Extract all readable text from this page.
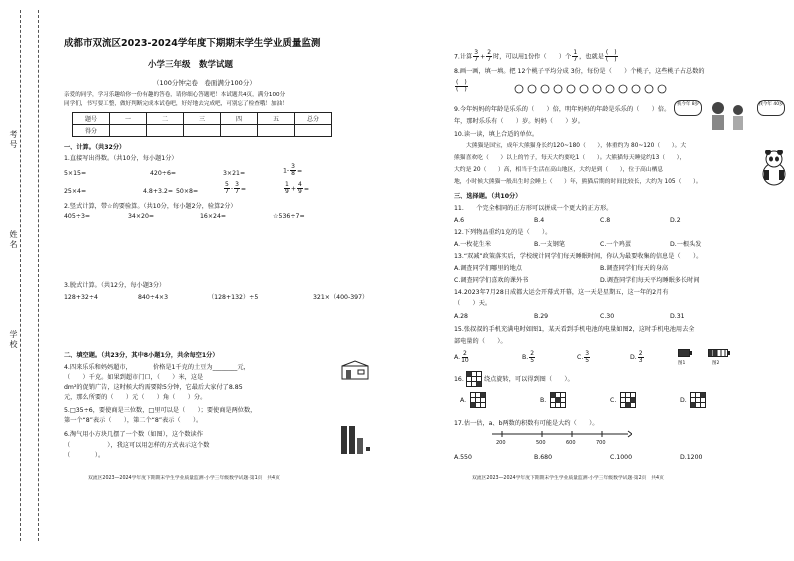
考号
姓名
学校
成都市双流区2023-2024学年度下期期末学生学业质量监测
小学三年级　数学试题
（100分钟完卷　卷面满分100分）
亲爱的同学，学习乐趣给你一份有趣的答卷，请你细心答题吧！本试题共4页，满分100分
同学们，书写要工整，做好判断完成本试卷吧，好好地去完成吧，可别忘了检查哦！加油！
题号	一	二	三	四	五	总分
得分						
一、计算。（共32分）
1.直接写出得数。（共10分，每小题1分）
5×15=	420÷6=	3×21=	$1- \frac{3}{8}$ =
25×4=	4.8+3.2= 50×8=	$\frac{5}{7} - \frac{3}{7}$ =	$\frac{1}{9} + \frac{4}{9}$ =
2.竖式计算，带☆的要验算。（共10分，每小题2分，验算2分）
405÷3=	34×20=	16×24=	☆536÷7=
3.脱式计算。（共12分，每小题3分）
128+32÷4	840÷4×3	（128+132）÷5	321×（400-397）
二、填空题。（共23分，其中8小题1分，共余每空1分）
4.四来乐乐和妈妈超市，	价格是1千克的土豆为________元，
（　　）千克。如果到超市门口，（　　）米，这是
dm²的促销广告，这时候大约需要除5分钟，它最后大家付了8.85
元，那么所要的（　　）元（　　）角（　　）分。
5.□35÷6，要使商是三位数，□里可以是（　　）；要使商是两位数，
第一个“8”表示（　　），第二个“8”表示（　　）。
6.淘气用小方块几摆了一个数（如图），这个数读作
（　　　　　　），我这可以用怎样的方式表示这个数
（　　　　）。
双流区2023—2024学年度下期期末学生学业质量监测·小学三年级数学试题·第1页　共4页
7.计算 $\frac{3}{7} + \frac{2}{7}$ 时，可以用1份作（　　）个 $\frac{1}{7}$ ，也就是 $\frac{( )}{( )}$
8.画一画，填一填。把 12个桃子平均分成 3份，每份是（　　）个桃子，这些桃子占总数的
$\frac{( )}{( )}$
9.今年妈妈的年龄是乐乐的（　　）倍，明年妈妈的年龄是乐乐的（　　）倍。
年，那时乐乐有（　　）岁。妈妈（　　）岁。
我今年 8岁	我今年 40岁
10.读一读，填上合适的单位。
大熊猫是国宝，成年大熊猫身长约120~180（　　），体重约为 80~120（　　）。大
熊猫喜欢吃（　　）以上的竹子，每天大约要吃1（　　）。大熊猫每天睡觉约13（　　），
大约是 20（　　）高，相当于生活在高山地区，大约是到（　　），位于高山栖息
地，小时候大熊猫一般出生时会睡上（　　）年，熊猫后期的时间比较长，大约为 105（　　）。
三、选择题。（共10分）
11.　　个完全相同的正方形可以拼成一个更大的正方形。
A.6	B.4	C.8	D.2
12.下列物品重约1克的是（　　）。
A.一枚花生米	B.一支钢笔	C.一个鸡蛋	D.一根头发
13.“双减”政策落实后，学校统计同学们每天睡眠时间，你认为最要收集的信息是（　　）。
A.调查同学们哪里的地点	B.调查同学们每天的身高
C.调查同学们喜欢的课外书	D.调查同学们每天平均睡眠多长时间
14.2023年7月28日成都大运会开幕式开幕，这一天是星期五，这一年的2月有
（　　）天。
A.28	B.29	C.30	D.31
15.张叔叔的手机充满电时如图1，某天看到手机电池的电量如图2，这时手机电池用去全
部电量的（　　）。
A. $\frac{2}{10}$	B. $\frac{2}{5}$	C. $\frac{3}{5}$	D. $\frac{2}{3}$	图1	图2
16.	绕点旋转，可以得到图（　　）。
A.	B.	C.	D.
17.估一估，a、b两数的积数有可能是大约（　　）。
200	500	600	700
A.550	B.680	C.1000	D.1200
双流区2023—2024学年度下期期末学生学业质量监测·小学三年级数学试题·第2页　共4页
